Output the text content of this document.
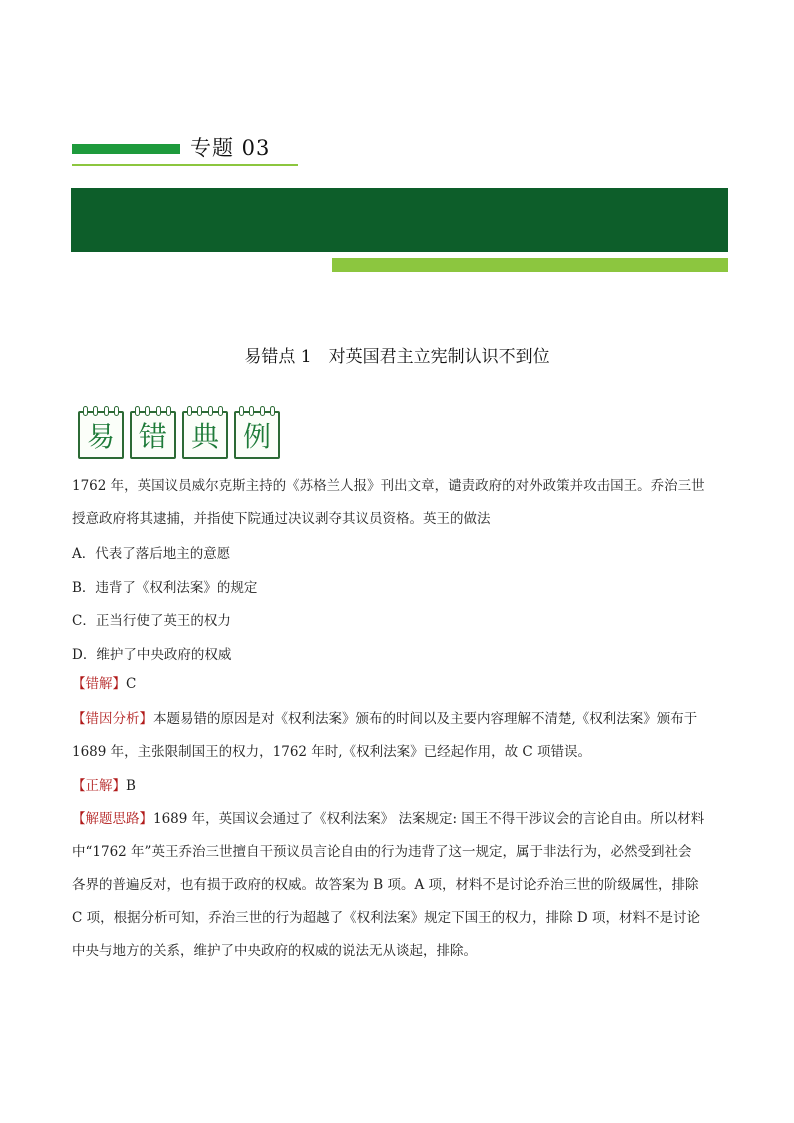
专题 03
易错点 1　对英国君主立宪制认识不到位
易 错 典 例
1762 年，英国议员威尔克斯主持的《苏格兰人报》刊出文章，谴责政府的对外政策并攻击国王。乔治三世
授意政府将其逮捕，并指使下院通过决议剥夺其议员资格。英王的做法
A．代表了落后地主的意愿
B．违背了《权利法案》的规定
C．正当行使了英王的权力
D．维护了中央政府的权威
【错解】C
【错因分析】本题易错的原因是对《权利法案》颁布的时间以及主要内容理解不清楚,《权利法案》颁布于
1689 年，主张限制国王的权力，1762 年时,《权利法案》已经起作用，故 C 项错误。
【正解】B
【解题思路】1689 年，英国议会通过了《权利法案》 法案规定: 国王不得干涉议会的言论自由。所以材料
中“1762 年”英王乔治三世擅自干预议员言论自由的行为违背了这一规定，属于非法行为，必然受到社会
各界的普遍反对，也有损于政府的权威。故答案为 B 项。A 项，材料不是讨论乔治三世的阶级属性，排除
C 项，根据分析可知，乔治三世的行为超越了《权利法案》规定下国王的权力，排除 D 项，材料不是讨论
中央与地方的关系，维护了中央政府的权威的说法无从谈起，排除。
